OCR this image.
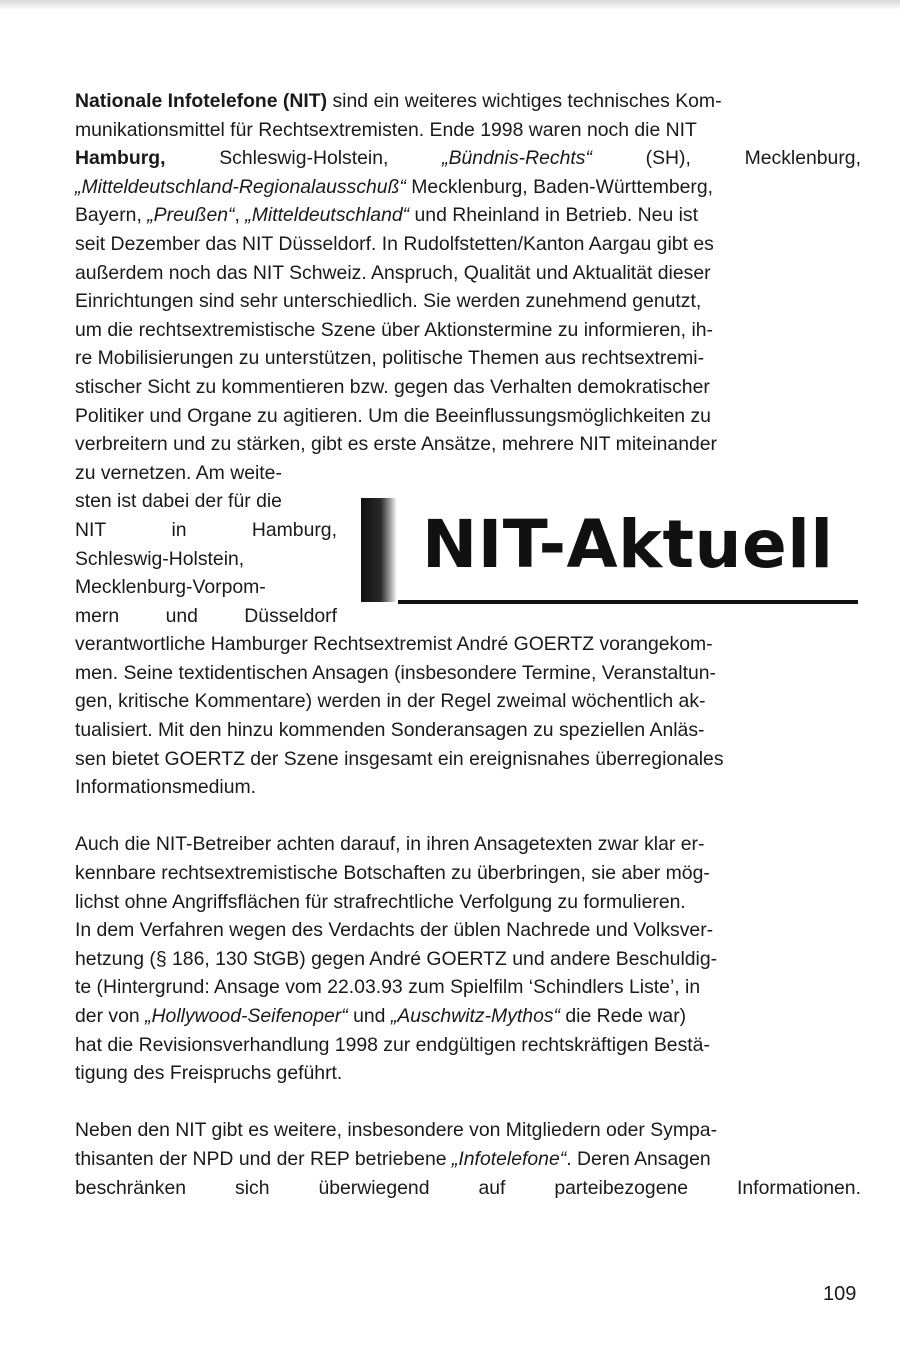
Nationale Infotelefone (NIT) sind ein weiteres wichtiges technisches Kom-
munikationsmittel für Rechtsextremisten. Ende 1998 waren noch die NIT
Hamburg,	Schleswig-Holstein,	„Bündnis-Rechts“	(SH),	Mecklenburg,
„Mitteldeutschland-Regionalausschuß“ Mecklenburg, Baden-Württemberg,
Bayern, „Preußen“, „Mitteldeutschland“ und Rheinland in Betrieb. Neu ist
seit Dezember das NIT Düsseldorf. In Rudolfstetten/Kanton Aargau gibt es
außerdem noch das NIT Schweiz. Anspruch, Qualität und Aktualität dieser
Einrichtungen sind sehr unterschiedlich. Sie werden zunehmend genutzt,
um die rechtsextremistische Szene über Aktionstermine zu informieren, ih-
re Mobilisierungen zu unterstützen, politische Themen aus rechtsextremi-
stischer Sicht zu kommentieren bzw. gegen das Verhalten demokratischer
Politiker und Organe zu agitieren. Um die Beeinflussungsmöglichkeiten zu
verbreitern und zu stärken, gibt es erste Ansätze, mehrere NIT miteinander
zu vernetzen. Am weite-
sten ist dabei der für die
NIT	in	Hamburg,
Schleswig-Holstein,
Mecklenburg-Vorpom-
mern und Düsseldorf
verantwortliche Hamburger Rechtsextremist André GOERTZ vorangekom-
men. Seine textidentischen Ansagen (insbesondere Termine, Veranstaltun-
gen, kritische Kommentare) werden in der Regel zweimal wöchentlich ak-
tualisiert. Mit den hinzu kommenden Sonderansagen zu speziellen Anläs-
sen bietet GOERTZ der Szene insgesamt ein ereignisnahes überregionales
Informationsmedium.
Auch die NIT-Betreiber achten darauf, in ihren Ansagetexten zwar klar er-
kennbare rechtsextremistische Botschaften zu überbringen, sie aber mög-
lichst ohne Angriffsflächen für strafrechtliche Verfolgung zu formulieren.
In dem Verfahren wegen des Verdachts der üblen Nachrede und Volksver-
hetzung (§ 186, 130 StGB) gegen André GOERTZ und andere Beschuldig-
te (Hintergrund: Ansage vom 22.03.93 zum Spielfilm ‘Schindlers Liste’, in
der von „Hollywood-Seifenoper“ und „Auschwitz-Mythos“ die Rede war)
hat die Revisionsverhandlung 1998 zur endgültigen rechtskräftigen Bestä-
tigung des Freispruchs geführt.
Neben den NIT gibt es weitere, insbesondere von Mitgliedern oder Sympa-
thisanten der NPD und der REP betriebene „Infotelefone“. Deren Ansagen
beschränken	sich	überwiegend	auf	parteibezogene	Informationen.
NIT-Aktuell
109
